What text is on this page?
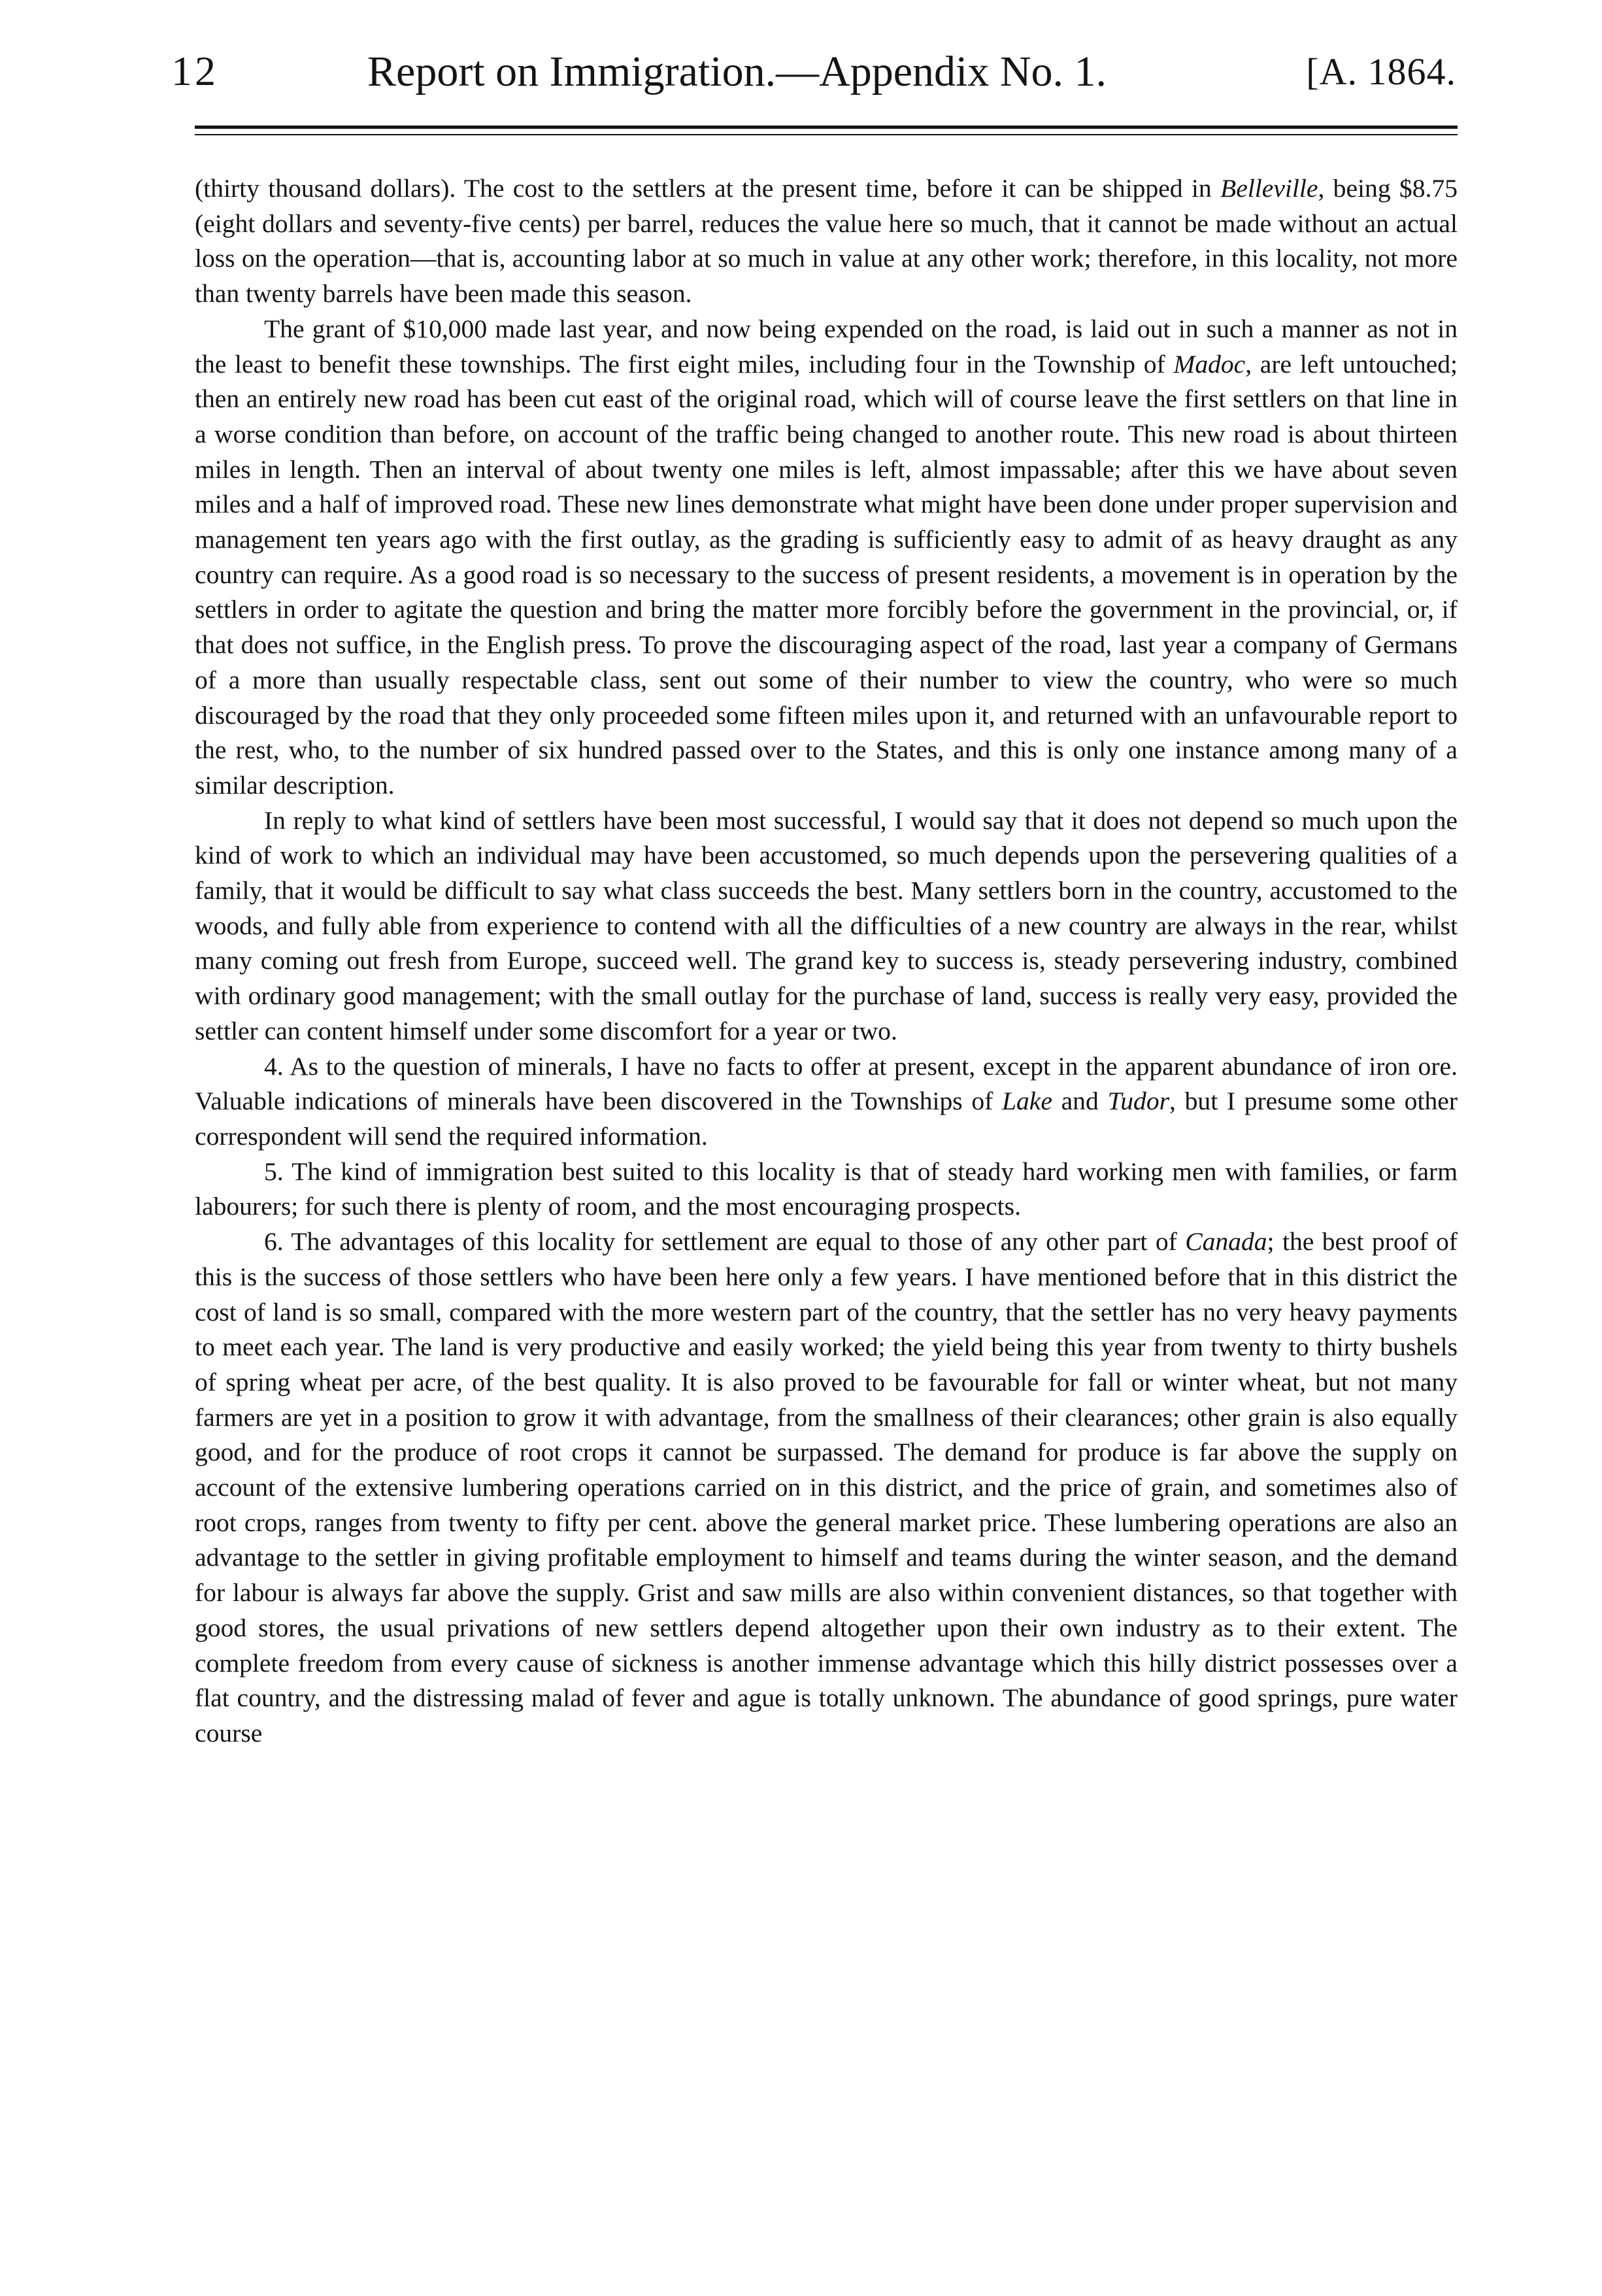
12	Report on Immigration.—Appendix No. 1.	[A. 1864.

(thirty thousand dollars). The cost to the settlers at the present time, before it can be shipped in Belleville, being $8.75 (eight dollars and seventy-five cents) per barrel, reduces the value here so much, that it cannot be made without an actual loss on the operation—that is, accounting labor at so much in value at any other work; therefore, in this locality, not more than twenty barrels have been made this season.

The grant of $10,000 made last year, and now being expended on the road, is laid out in such a manner as not in the least to benefit these townships. The first eight miles, including four in the Township of Madoc, are left untouched; then an entirely new road has been cut east of the original road, which will of course leave the first settlers on that line in a worse condition than before, on account of the traffic being changed to another route. This new road is about thirteen miles in length. Then an interval of about twenty one miles is left, almost impassable; after this we have about seven miles and a half of improved road. These new lines demonstrate what might have been done under proper supervision and management ten years ago with the first outlay, as the grading is sufficiently easy to admit of as heavy draught as any country can require. As a good road is so necessary to the success of present residents, a movement is in operation by the settlers in order to agitate the question and bring the matter more forcibly before the government in the provincial, or, if that does not suffice, in the English press. To prove the discouraging aspect of the road, last year a company of Germans of a more than usually respectable class, sent out some of their number to view the country, who were so much discouraged by the road that they only proceeded some fifteen miles upon it, and returned with an unfavourable report to the rest, who, to the number of six hundred passed over to the States, and this is only one instance among many of a similar description.

In reply to what kind of settlers have been most successful, I would say that it does not depend so much upon the kind of work to which an individual may have been accustomed, so much depends upon the persevering qualities of a family, that it would be difficult to say what class succeeds the best. Many settlers born in the country, accustomed to the woods, and fully able from experience to contend with all the difficulties of a new country are always in the rear, whilst many coming out fresh from Europe, succeed well. The grand key to success is, steady persevering industry, combined with ordinary good management; with the small outlay for the purchase of land, success is really very easy, provided the settler can content himself under some discomfort for a year or two.

4. As to the question of minerals, I have no facts to offer at present, except in the apparent abundance of iron ore. Valuable indications of minerals have been discovered in the Townships of Lake and Tudor, but I presume some other correspondent will send the required information.

5. The kind of immigration best suited to this locality is that of steady hard working men with families, or farm labourers; for such there is plenty of room, and the most encouraging prospects.

6. The advantages of this locality for settlement are equal to those of any other part of Canada; the best proof of this is the success of those settlers who have been here only a few years. I have mentioned before that in this district the cost of land is so small, compared with the more western part of the country, that the settler has no very heavy payments to meet each year. The land is very productive and easily worked; the yield being this year from twenty to thirty bushels of spring wheat per acre, of the best quality. It is also proved to be favourable for fall or winter wheat, but not many farmers are yet in a position to grow it with advantage, from the smallness of their clearances; other grain is also equally good, and for the produce of root crops it cannot be surpassed. The demand for produce is far above the supply on account of the extensive lumbering operations carried on in this district, and the price of grain, and sometimes also of root crops, ranges from twenty to fifty per cent. above the general market price. These lumbering operations are also an advantage to the settler in giving profitable employment to himself and teams during the winter season, and the demand for labour is always far above the supply. Grist and saw mills are also within convenient distances, so that together with good stores, the usual privations of new settlers depend altogether upon their own industry as to their extent. The complete freedom from every cause of sickness is another immense advantage which this hilly district possesses over a flat country, and the distressing malad of fever and ague is totally unknown. The abundance of good springs, pure water course
